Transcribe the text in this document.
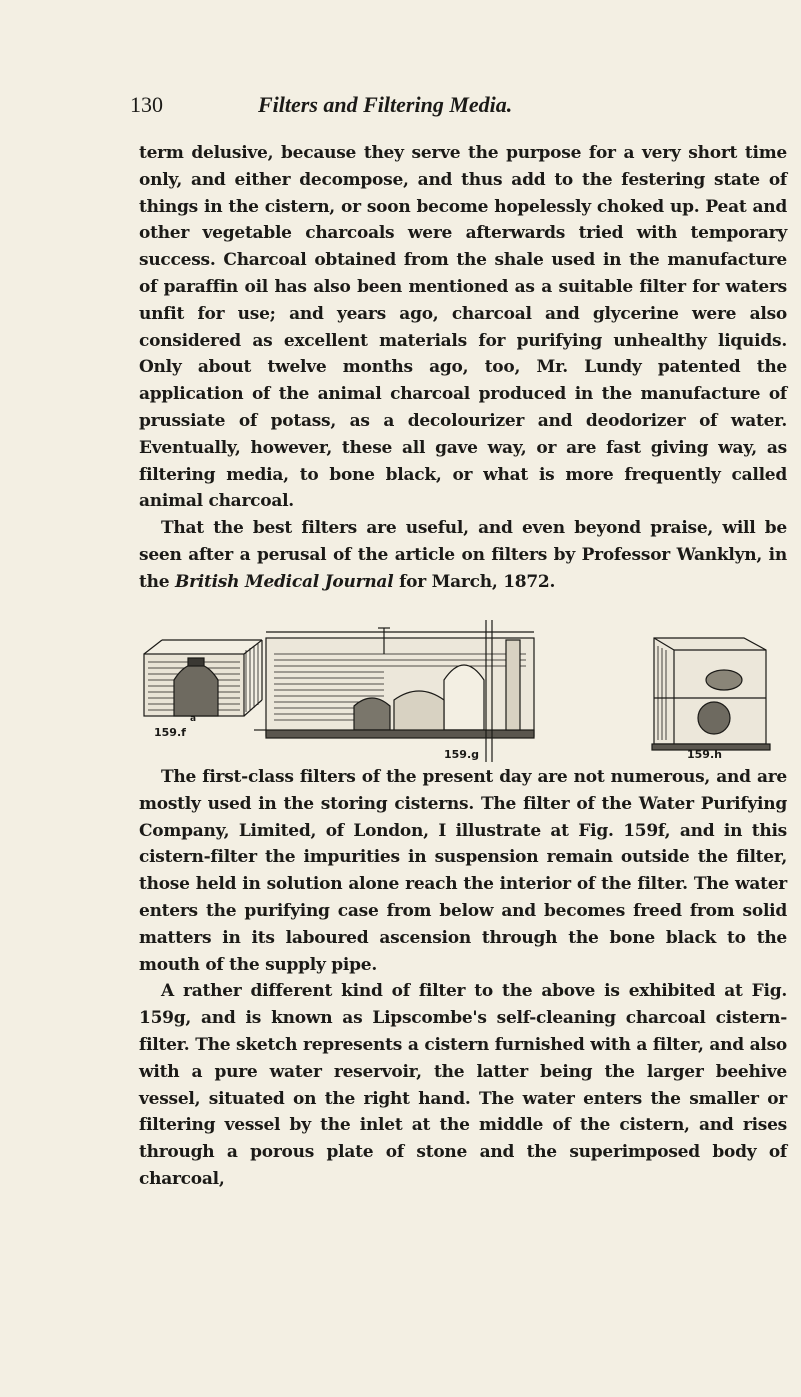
130	Filters and Filtering Media.

term delusive, because they serve the purpose for a very short time only, and either decompose, and thus add to the festering state of things in the cistern, or soon become hopelessly choked up. Peat and other vegetable charcoals were afterwards tried with temporary success. Charcoal obtained from the shale used in the manufacture of paraffin oil has also been mentioned as a suitable filter for waters unfit for use; and years ago, charcoal and glycerine were also considered as excellent materials for purifying unhealthy liquids. Only about twelve months ago, too, Mr. Lundy patented the application of the animal charcoal produced in the manufacture of prussiate of potass, as a decolourizer and deodorizer of water. Eventually, however, these all gave way, or are fast giving way, as filtering media, to bone black, or what is more frequently called animal charcoal.

That the best filters are useful, and even beyond praise, will be seen after a perusal of the article on filters by Professor Wanklyn, in the British Medical Journal for March, 1872.

159.f
a
159.g	159.h

The first-class filters of the present day are not numerous, and are mostly used in the storing cisterns. The filter of the Water Purifying Company, Limited, of London, I illustrate at Fig. 159f, and in this cistern-filter the impurities in suspension remain outside the filter, those held in solution alone reach the interior of the filter. The water enters the purifying case from below and becomes freed from solid matters in its laboured ascension through the bone black to the mouth of the supply pipe.

A rather different kind of filter to the above is exhibited at Fig. 159g, and is known as Lipscombe's self-cleaning charcoal cistern-filter. The sketch represents a cistern furnished with a filter, and also with a pure water reservoir, the latter being the larger beehive vessel, situated on the right hand. The water enters the smaller or filtering vessel by the inlet at the middle of the cistern, and rises through a porous plate of stone and the superimposed body of charcoal,
